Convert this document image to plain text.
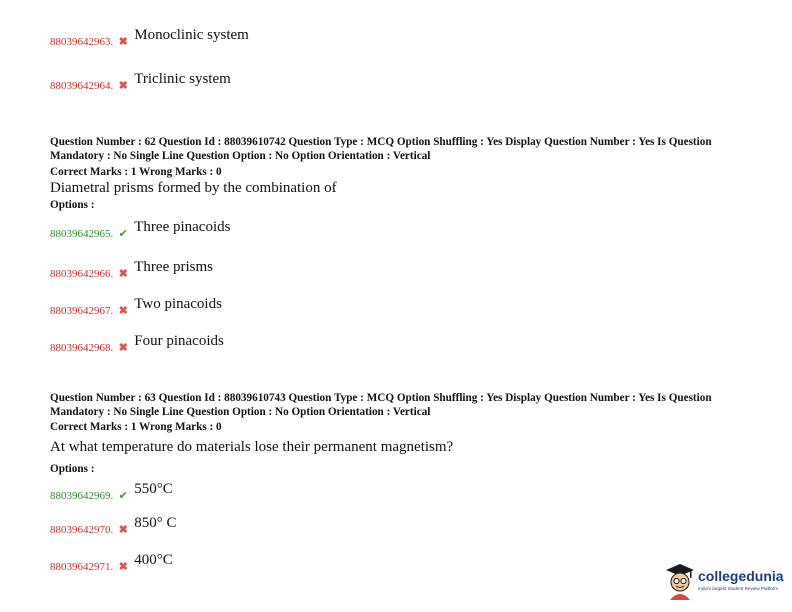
88039642963. ✖ Monoclinic system
88039642964. ✖ Triclinic system
Question Number : 62 Question Id : 88039610742 Question Type : MCQ Option Shuffling : Yes Display Question Number : Yes Is Question Mandatory : No Single Line Question Option : No Option Orientation : Vertical
Correct Marks : 1 Wrong Marks : 0
Diametral prisms formed by the combination of
Options :
88039642965. ✔ Three pinacoids
88039642966. ✖ Three prisms
88039642967. ✖ Two pinacoids
88039642968. ✖ Four pinacoids
Question Number : 63 Question Id : 88039610743 Question Type : MCQ Option Shuffling : Yes Display Question Number : Yes Is Question Mandatory : No Single Line Question Option : No Option Orientation : Vertical
Correct Marks : 1 Wrong Marks : 0
At what temperature do materials lose their permanent magnetism?
Options :
88039642969. ✔ 550°C
88039642970. ✖ 850° C
88039642971. ✖ 400°C
collegedunia
India's largest Student Review Platform
